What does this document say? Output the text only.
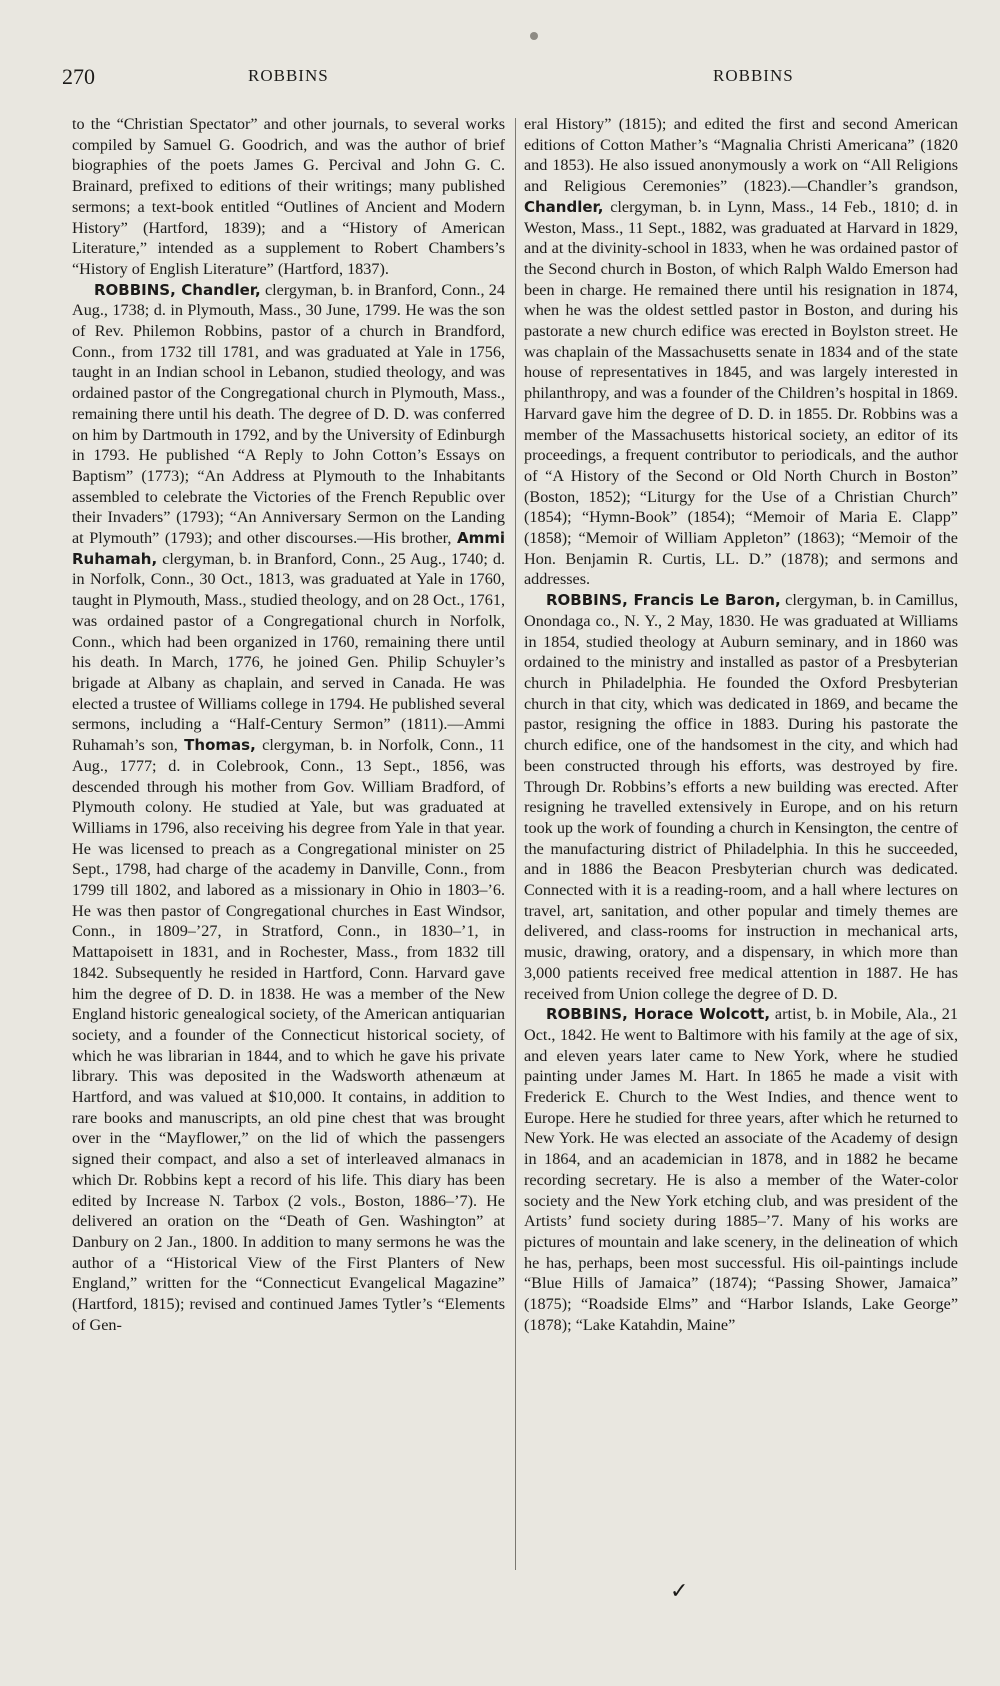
270	ROBBINS	ROBBINS

to the “Christian Spectator” and other journals, to several works compiled by Samuel G. Goodrich, and was the author of brief biographies of the poets James G. Percival and John G. C. Brainard, prefixed to editions of their writings; many published sermons; a text-book entitled “Outlines of Ancient and Modern History” (Hartford, 1839); and a “History of American Literature,” intended as a supplement to Robert Chambers’s “History of English Literature” (Hartford, 1837).

ROBBINS, Chandler, clergyman, b. in Branford, Conn., 24 Aug., 1738; d. in Plymouth, Mass., 30 June, 1799. He was the son of Rev. Philemon Robbins, pastor of a church in Brandford, Conn., from 1732 till 1781, and was graduated at Yale in 1756, taught in an Indian school in Lebanon, studied theology, and was ordained pastor of the Congregational church in Plymouth, Mass., remaining there until his death. The degree of D. D. was conferred on him by Dartmouth in 1792, and by the University of Edinburgh in 1793. He published “A Reply to John Cotton’s Essays on Baptism” (1773); “An Address at Plymouth to the Inhabitants assembled to celebrate the Victories of the French Republic over their Invaders” (1793); “An Anniversary Sermon on the Landing at Plymouth” (1793); and other discourses.—His brother, Ammi Ruhamah, clergyman, b. in Branford, Conn., 25 Aug., 1740; d. in Norfolk, Conn., 30 Oct., 1813, was graduated at Yale in 1760, taught in Plymouth, Mass., studied theology, and on 28 Oct., 1761, was ordained pastor of a Congregational church in Norfolk, Conn., which had been organized in 1760, remaining there until his death. In March, 1776, he joined Gen. Philip Schuyler’s brigade at Albany as chaplain, and served in Canada. He was elected a trustee of Williams college in 1794. He published several sermons, including a “Half-Century Sermon” (1811).—Ammi Ruhamah’s son, Thomas, clergyman, b. in Norfolk, Conn., 11 Aug., 1777; d. in Colebrook, Conn., 13 Sept., 1856, was descended through his mother from Gov. William Bradford, of Plymouth colony. He studied at Yale, but was graduated at Williams in 1796, also receiving his degree from Yale in that year. He was licensed to preach as a Congregational minister on 25 Sept., 1798, had charge of the academy in Danville, Conn., from 1799 till 1802, and labored as a missionary in Ohio in 1803–’6. He was then pastor of Congregational churches in East Windsor, Conn., in 1809–’27, in Stratford, Conn., in 1830–’1, in Mattapoisett in 1831, and in Rochester, Mass., from 1832 till 1842. Subsequently he resided in Hartford, Conn. Harvard gave him the degree of D. D. in 1838. He was a member of the New England historic genealogical society, of the American antiquarian society, and a founder of the Connecticut historical society, of which he was librarian in 1844, and to which he gave his private library. This was deposited in the Wadsworth athenæum at Hartford, and was valued at $10,000. It contains, in addition to rare books and manuscripts, an old pine chest that was brought over in the “Mayflower,” on the lid of which the passengers signed their compact, and also a set of interleaved almanacs in which Dr. Robbins kept a record of his life. This diary has been edited by Increase N. Tarbox (2 vols., Boston, 1886–’7). He delivered an oration on the “Death of Gen. Washington” at Danbury on 2 Jan., 1800. In addition to many sermons he was the author of a “Historical View of the First Planters of New England,” written for the “Connecticut Evangelical Magazine” (Hartford, 1815); revised and continued James Tytler’s “Elements of Gen-

eral History” (1815); and edited the first and second American editions of Cotton Mather’s “Magnalia Christi Americana” (1820 and 1853). He also issued anonymously a work on “All Religions and Religious Ceremonies” (1823).—Chandler’s grandson, Chandler, clergyman, b. in Lynn, Mass., 14 Feb., 1810; d. in Weston, Mass., 11 Sept., 1882, was graduated at Harvard in 1829, and at the divinity-school in 1833, when he was ordained pastor of the Second church in Boston, of which Ralph Waldo Emerson had been in charge. He remained there until his resignation in 1874, when he was the oldest settled pastor in Boston, and during his pastorate a new church edifice was erected in Boylston street. He was chaplain of the Massachusetts senate in 1834 and of the state house of representatives in 1845, and was largely interested in philanthropy, and was a founder of the Children’s hospital in 1869. Harvard gave him the degree of D. D. in 1855. Dr. Robbins was a member of the Massachusetts historical society, an editor of its proceedings, a frequent contributor to periodicals, and the author of “A History of the Second or Old North Church in Boston” (Boston, 1852); “Liturgy for the Use of a Christian Church” (1854); “Hymn-Book” (1854); “Memoir of Maria E. Clapp” (1858); “Memoir of William Appleton” (1863); “Memoir of the Hon. Benjamin R. Curtis, LL. D.” (1878); and sermons and addresses.

ROBBINS, Francis Le Baron, clergyman, b. in Camillus, Onondaga co., N. Y., 2 May, 1830. He was graduated at Williams in 1854, studied theology at Auburn seminary, and in 1860 was ordained to the ministry and installed as pastor of a Presbyterian church in Philadelphia. He founded the Oxford Presbyterian church in that city, which was dedicated in 1869, and became the pastor, resigning the office in 1883. During his pastorate the church edifice, one of the handsomest in the city, and which had been constructed through his efforts, was destroyed by fire. Through Dr. Robbins’s efforts a new building was erected. After resigning he travelled extensively in Europe, and on his return took up the work of founding a church in Kensington, the centre of the manufacturing district of Philadelphia. In this he succeeded, and in 1886 the Beacon Presbyterian church was dedicated. Connected with it is a reading-room, and a hall where lectures on travel, art, sanitation, and other popular and timely themes are delivered, and class-rooms for instruction in mechanical arts, music, drawing, oratory, and a dispensary, in which more than 3,000 patients received free medical attention in 1887. He has received from Union college the degree of D. D.

ROBBINS, Horace Wolcott, artist, b. in Mobile, Ala., 21 Oct., 1842. He went to Baltimore with his family at the age of six, and eleven years later came to New York, where he studied painting under James M. Hart. In 1865 he made a visit with Frederick E. Church to the West Indies, and thence went to Europe. Here he studied for three years, after which he returned to New York. He was elected an associate of the Academy of design in 1864, and an academician in 1878, and in 1882 he became recording secretary. He is also a member of the Water-color society and the New York etching club, and was president of the Artists’ fund society during 1885–’7. Many of his works are pictures of mountain and lake scenery, in the delineation of which he has, perhaps, been most successful. His oil-paintings include “Blue Hills of Jamaica” (1874); “Passing Shower, Jamaica” (1875); “Roadside Elms” and “Harbor Islands, Lake George” (1878); “Lake Katahdin, Maine”

✓
